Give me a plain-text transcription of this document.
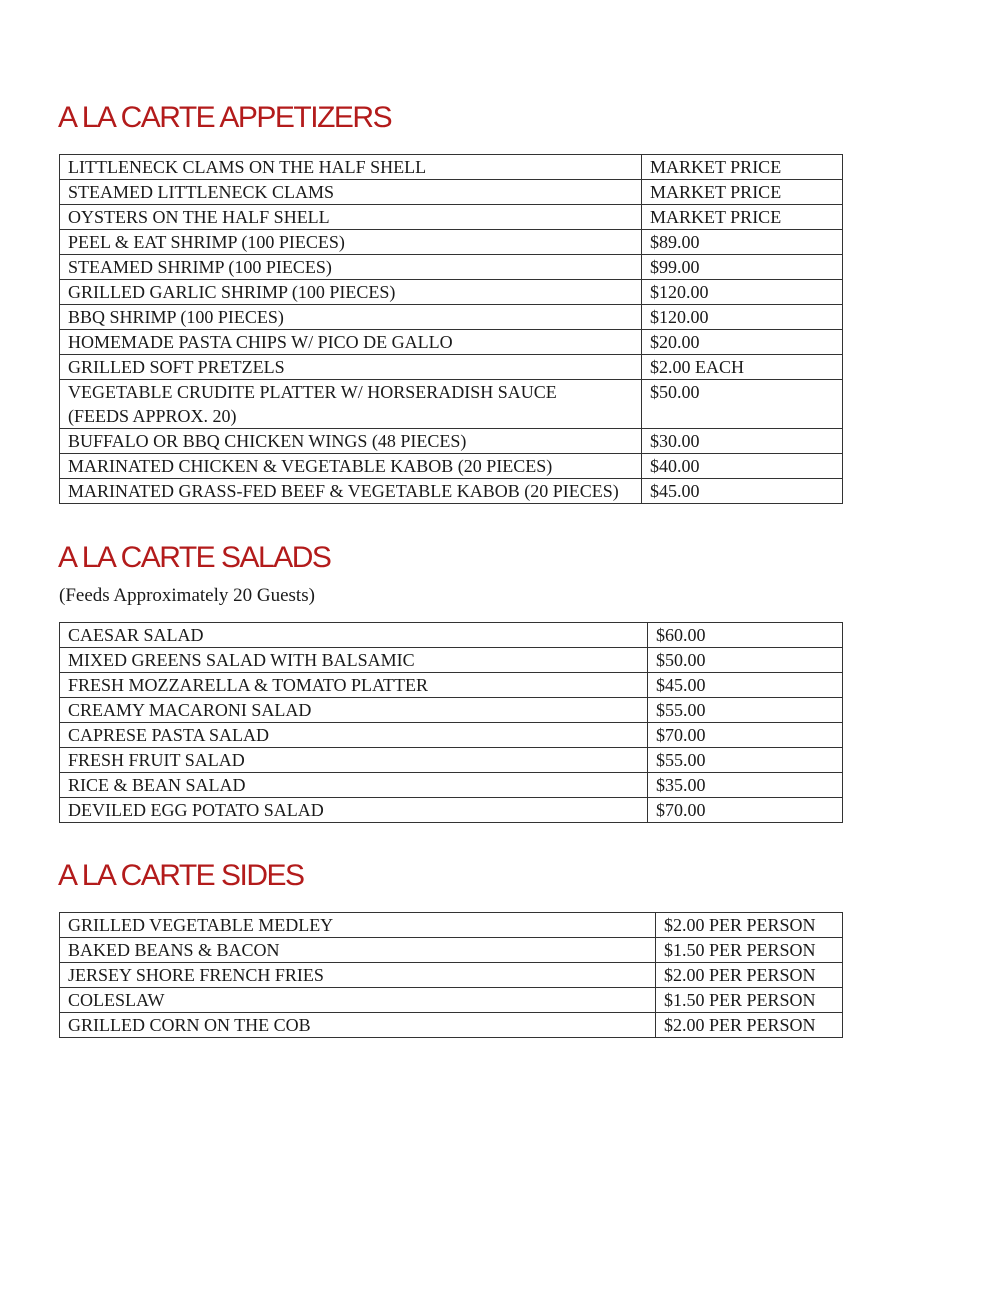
A LA CARTE APPETIZERS
LITTLENECK CLAMS ON THE HALF SHELL	MARKET PRICE
STEAMED LITTLENECK CLAMS	MARKET PRICE
OYSTERS ON THE HALF SHELL	MARKET PRICE
PEEL & EAT SHRIMP (100 PIECES)	$89.00
STEAMED SHRIMP (100 PIECES)	$99.00
GRILLED GARLIC SHRIMP (100 PIECES)	$120.00
BBQ SHRIMP (100 PIECES)	$120.00
HOMEMADE PASTA CHIPS W/ PICO DE GALLO	$20.00
GRILLED SOFT PRETZELS	$2.00 EACH
VEGETABLE CRUDITE PLATTER W/ HORSERADISH SAUCE
(FEEDS APPROX. 20)	$50.00
BUFFALO OR BBQ CHICKEN WINGS (48 PIECES)	$30.00
MARINATED CHICKEN & VEGETABLE KABOB (20 PIECES)	$40.00
MARINATED GRASS-FED BEEF & VEGETABLE KABOB (20 PIECES)	$45.00
A LA CARTE SALADS

(Feeds Approximately 20 Guests)

CAESAR SALAD	$60.00
MIXED GREENS SALAD WITH BALSAMIC	$50.00
FRESH MOZZARELLA & TOMATO PLATTER	$45.00
CREAMY MACARONI SALAD	$55.00
CAPRESE PASTA SALAD	$70.00
FRESH FRUIT SALAD	$55.00
RICE & BEAN SALAD	$35.00
DEVILED EGG POTATO SALAD	$70.00
A LA CARTE SIDES
GRILLED VEGETABLE MEDLEY	$2.00 PER PERSON
BAKED BEANS & BACON	$1.50 PER PERSON
JERSEY SHORE FRENCH FRIES	$2.00 PER PERSON
COLESLAW	$1.50 PER PERSON
GRILLED CORN ON THE COB	$2.00 PER PERSON
